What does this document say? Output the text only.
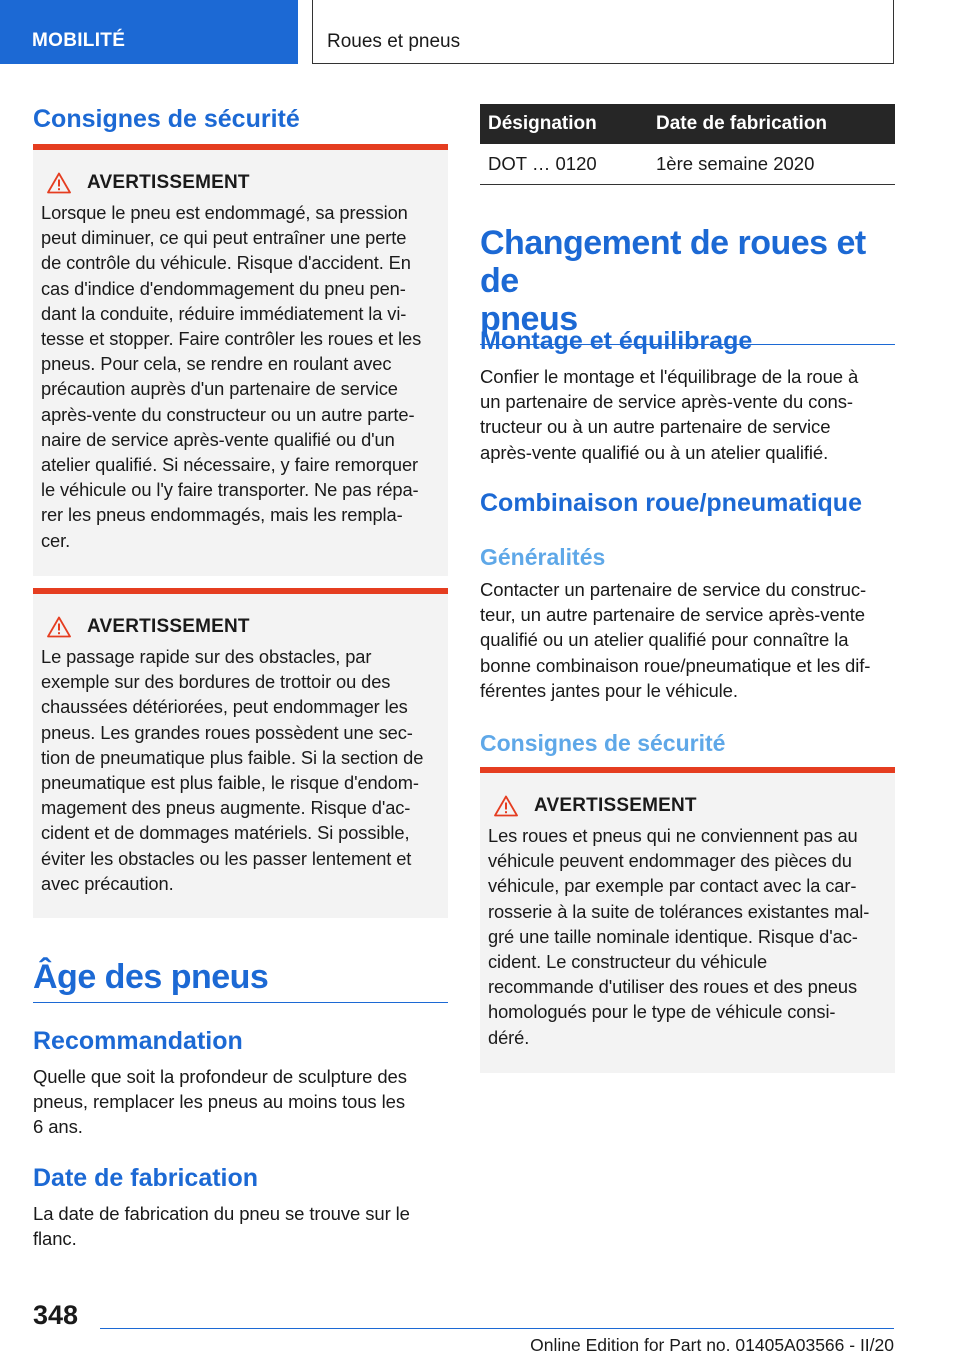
MOBILITÉ	Roues et pneus
Consignes de sécurité
AVERTISSEMENT

Lorsque le pneu est endommagé, sa pression

peut diminuer, ce qui peut entraîner une perte

de contrôle du véhicule. Risque d'accident. En

cas d'indice d'endommagement du pneu pen‐

dant la conduite, réduire immédiatement la vi‐

tesse et stopper. Faire contrôler les roues et les

pneus. Pour cela, se rendre en roulant avec

précaution auprès d'un partenaire de service

après-vente du constructeur ou un autre parte‐

naire de service après-vente qualifié ou d'un

atelier qualifié. Si nécessaire, y faire remorquer

le véhicule ou l'y faire transporter. Ne pas répa‐

rer les pneus endommagés, mais les rempla‐

cer.

AVERTISSEMENT

Le passage rapide sur des obstacles, par

exemple sur des bordures de trottoir ou des

chaussées détériorées, peut endommager les

pneus. Les grandes roues possèdent une sec‐

tion de pneumatique plus faible. Si la section de

pneumatique est plus faible, le risque d'endom‐

magement des pneus augmente. Risque d'ac‐

cident et de dommages matériels. Si possible,

éviter les obstacles ou les passer lentement et

avec précaution.

Âge des pneus
Recommandation

Quelle que soit la profondeur de sculpture des

pneus, remplacer les pneus au moins tous les

6 ans.

Date de fabrication

La date de fabrication du pneu se trouve sur le

flanc.

Désignation	Date de fabrication
DOT … 0120	1ère semaine 2020
Changement de roues et de
pneus
Montage et équilibrage

Confier le montage et l'équilibrage de la roue à

un partenaire de service après-vente du cons‐

tructeur ou à un autre partenaire de service

après-vente qualifié ou à un atelier qualifié.

Combinaison roue/pneumatique
Généralités

Contacter un partenaire de service du construc‐

teur, un autre partenaire de service après-vente

qualifié ou un atelier qualifié pour connaître la

bonne combinaison roue/pneumatique et les dif‐

férentes jantes pour le véhicule.

Consignes de sécurité
AVERTISSEMENT

Les roues et pneus qui ne conviennent pas au

véhicule peuvent endommager des pièces du

véhicule, par exemple par contact avec la car‐

rosserie à la suite de tolérances existantes mal‐

gré une taille nominale identique. Risque d'ac‐

cident. Le constructeur du véhicule

recommande d'utiliser des roues et des pneus

homologués pour le type de véhicule consi‐

déré.

348
Online Edition for Part no. 01405A03566 - II/20
